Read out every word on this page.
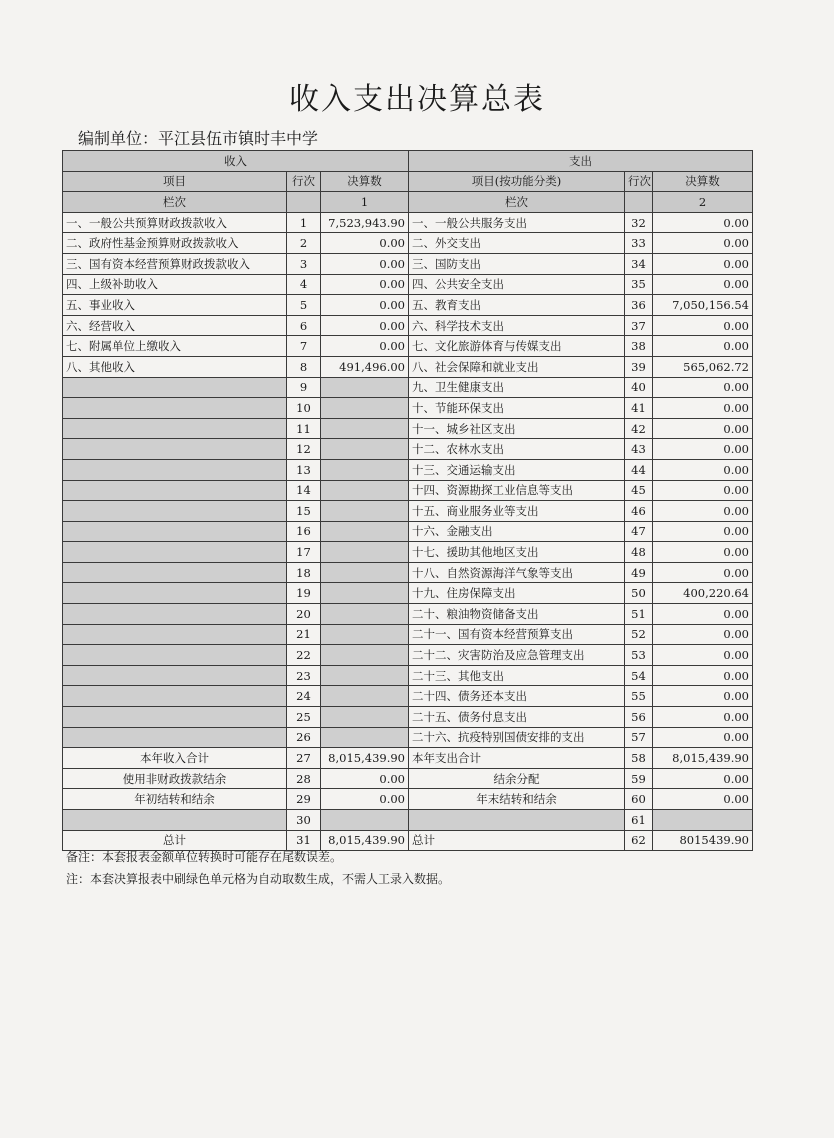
收入支出决算总表
编制单位：平江县伍市镇时丰中学
收入			支出		
项目	行次	决算数	项目(按功能分类)	行次	决算数
栏次		1	栏次		2
一、一般公共预算财政拨款收入	1	7,523,943.90	一、一般公共服务支出	32	0.00
二、政府性基金预算财政拨款收入	2	0.00	二、外交支出	33	0.00
三、国有资本经营预算财政拨款收入	3	0.00	三、国防支出	34	0.00
四、上级补助收入	4	0.00	四、公共安全支出	35	0.00
五、事业收入	5	0.00	五、教育支出	36	7,050,156.54
六、经营收入	6	0.00	六、科学技术支出	37	0.00
七、附属单位上缴收入	7	0.00	七、文化旅游体育与传媒支出	38	0.00
八、其他收入	8	491,496.00	八、社会保障和就业支出	39	565,062.72
	9		九、卫生健康支出	40	0.00
	10		十、节能环保支出	41	0.00
	11		十一、城乡社区支出	42	0.00
	12		十二、农林水支出	43	0.00
	13		十三、交通运输支出	44	0.00
	14		十四、资源勘探工业信息等支出	45	0.00
	15		十五、商业服务业等支出	46	0.00
	16		十六、金融支出	47	0.00
	17		十七、援助其他地区支出	48	0.00
	18		十八、自然资源海洋气象等支出	49	0.00
	19		十九、住房保障支出	50	400,220.64
	20		二十、粮油物资储备支出	51	0.00
	21		二十一、国有资本经营预算支出	52	0.00
	22		二十二、灾害防治及应急管理支出	53	0.00
	23		二十三、其他支出	54	0.00
	24		二十四、债务还本支出	55	0.00
	25		二十五、债务付息支出	56	0.00
	26		二十六、抗疫特别国债安排的支出	57	0.00
本年收入合计	27	8,015,439.90	本年支出合计	58	8,015,439.90
使用非财政拨款结余	28	0.00	结余分配	59	0.00
年初结转和结余	29	0.00	年末结转和结余	60	0.00
	30			61	
总计	31	8,015,439.90	总计	62	8015439.90
备注：本套报表金额单位转换时可能存在尾数误差。
注：本套决算报表中刷绿色单元格为自动取数生成，不需人工录入数据。
